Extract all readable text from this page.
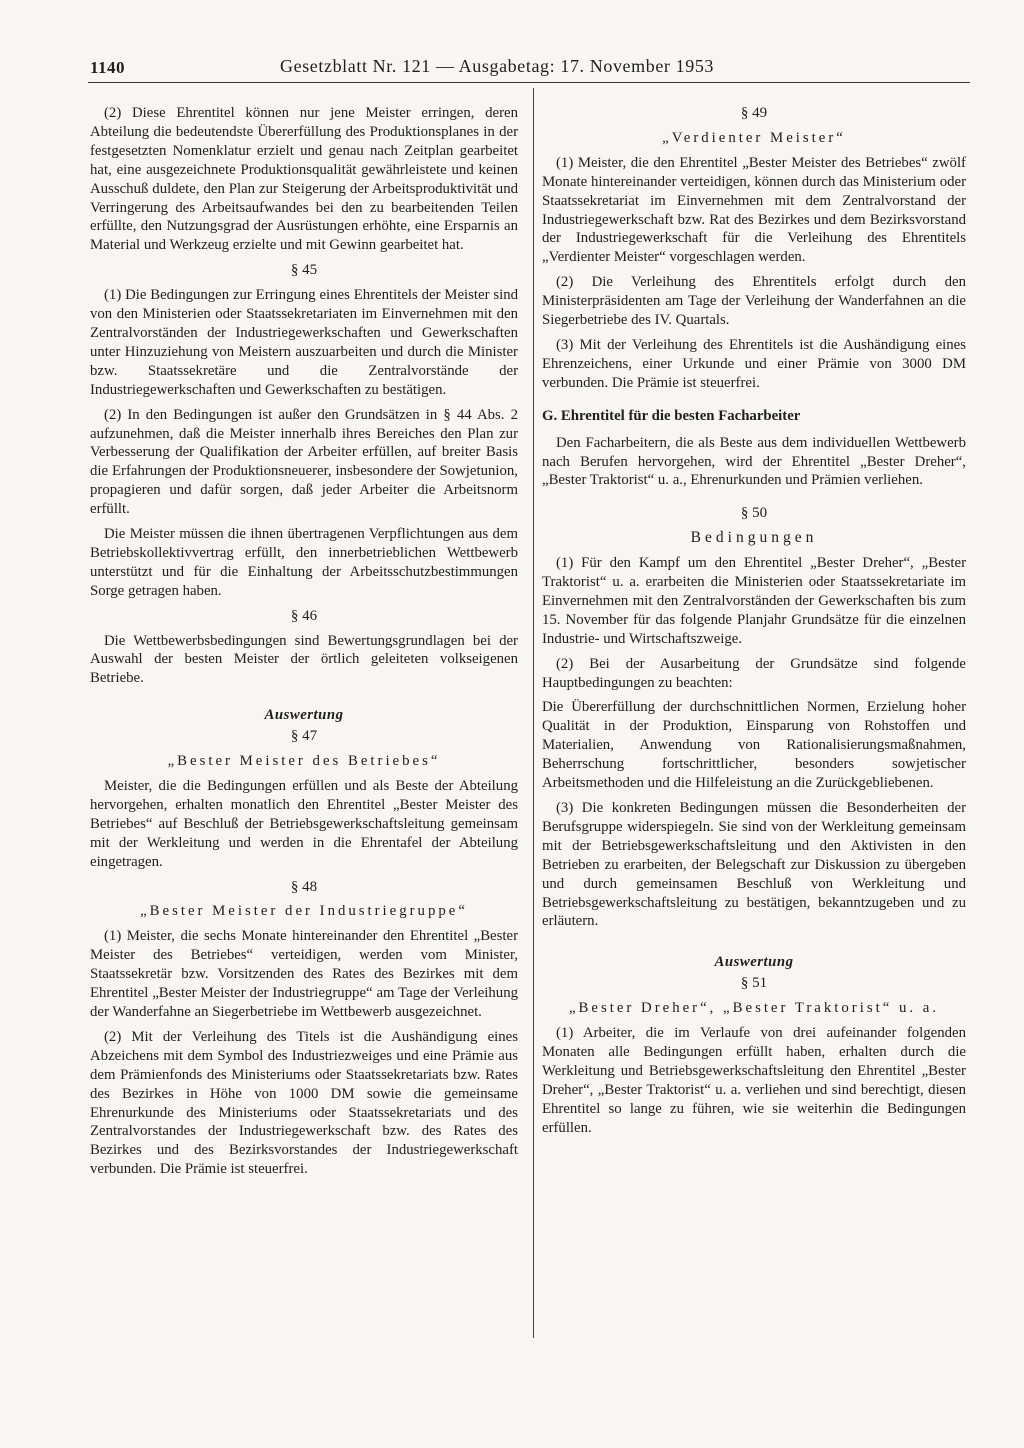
1140	Gesetzblatt Nr. 121 — Ausgabetag: 17. November 1953

(2) Diese Ehrentitel können nur jene Meister erringen, deren Abteilung die bedeutendste Übererfüllung des Produktionsplanes in der festgesetzten Nomenklatur erzielt und genau nach Zeitplan gearbeitet hat, eine ausgezeichnete Produktionsqualität gewährleistete und keinen Ausschuß duldete, den Plan zur Steigerung der Arbeitsproduktivität und Verringerung des Arbeitsaufwandes bei den zu bearbeitenden Teilen erfüllte, den Nutzungsgrad der Ausrüstungen erhöhte, eine Ersparnis an Material und Werkzeug erzielte und mit Gewinn gearbeitet hat.

§ 45

(1) Die Bedingungen zur Erringung eines Ehrentitels der Meister sind von den Ministerien oder Staatssekretariaten im Einvernehmen mit den Zentralvorständen der Industriegewerkschaften und Gewerkschaften unter Hinzuziehung von Meistern auszuarbeiten und durch die Minister bzw. Staatssekretäre und die Zentralvorstände der Industriegewerkschaften und Gewerkschaften zu bestätigen.

(2) In den Bedingungen ist außer den Grundsätzen in § 44 Abs. 2 aufzunehmen, daß die Meister innerhalb ihres Bereiches den Plan zur Verbesserung der Qualifikation der Arbeiter erfüllen, auf breiter Basis die Erfahrungen der Produktionsneuerer, insbesondere der Sowjetunion, propagieren und dafür sorgen, daß jeder Arbeiter die Arbeitsnorm erfüllt.

Die Meister müssen die ihnen übertragenen Verpflichtungen aus dem Betriebskollektivvertrag erfüllt, den innerbetrieblichen Wettbewerb unterstützt und für die Einhaltung der Arbeitsschutzbestimmungen Sorge getragen haben.

§ 46

Die Wettbewerbsbedingungen sind Bewertungsgrundlagen bei der Auswahl der besten Meister der örtlich geleiteten volkseigenen Betriebe.

Auswertung
§ 47
„Bester Meister des Betriebes“

Meister, die die Bedingungen erfüllen und als Beste der Abteilung hervorgehen, erhalten monatlich den Ehrentitel „Bester Meister des Betriebes“ auf Beschluß der Betriebsgewerkschaftsleitung gemeinsam mit der Werkleitung und werden in die Ehrentafel der Abteilung eingetragen.

§ 48
„Bester Meister der Industriegruppe“

(1) Meister, die sechs Monate hintereinander den Ehrentitel „Bester Meister des Betriebes“ verteidigen, werden vom Minister, Staatssekretär bzw. Vorsitzenden des Rates des Bezirkes mit dem Ehrentitel „Bester Meister der Industriegruppe“ am Tage der Verleihung der Wanderfahne an Siegerbetriebe im Wettbewerb ausgezeichnet.

(2) Mit der Verleihung des Titels ist die Aushändigung eines Abzeichens mit dem Symbol des Industriezweiges und eine Prämie aus dem Prämienfonds des Ministeriums oder Staatssekretariats bzw. Rates des Bezirkes in Höhe von 1000 DM sowie die gemeinsame Ehrenurkunde des Ministeriums oder Staatssekretariats und des Zentralvorstandes der Industriegewerkschaft bzw. des Rates des Bezirkes und des Bezirksvorstandes der Industriegewerkschaft verbunden. Die Prämie ist steuerfrei.

§ 49
„Verdienter Meister“

(1) Meister, die den Ehrentitel „Bester Meister des Betriebes“ zwölf Monate hintereinander verteidigen, können durch das Ministerium oder Staatssekretariat im Einvernehmen mit dem Zentralvorstand der Industriegewerkschaft bzw. Rat des Bezirkes und dem Bezirksvorstand der Industriegewerkschaft für die Verleihung des Ehrentitels „Verdienter Meister“ vorgeschlagen werden.

(2) Die Verleihung des Ehrentitels erfolgt durch den Ministerpräsidenten am Tage der Verleihung der Wanderfahnen an die Siegerbetriebe des IV. Quartals.

(3) Mit der Verleihung des Ehrentitels ist die Aushändigung eines Ehrenzeichens, einer Urkunde und einer Prämie von 3000 DM verbunden. Die Prämie ist steuerfrei.

G. Ehrentitel für die besten Facharbeiter

Den Facharbeitern, die als Beste aus dem individuellen Wettbewerb nach Berufen hervorgehen, wird der Ehrentitel „Bester Dreher“, „Bester Traktorist“ u. a., Ehrenurkunden und Prämien verliehen.

§ 50
Bedingungen

(1) Für den Kampf um den Ehrentitel „Bester Dreher“, „Bester Traktorist“ u. a. erarbeiten die Ministerien oder Staatssekretariate im Einvernehmen mit den Zentralvorständen der Gewerkschaften bis zum 15. November für das folgende Planjahr Grundsätze für die einzelnen Industrie- und Wirtschaftszweige.

(2) Bei der Ausarbeitung der Grundsätze sind folgende Hauptbedingungen zu beachten:

Die Übererfüllung der durchschnittlichen Normen, Erzielung hoher Qualität in der Produktion, Einsparung von Rohstoffen und Materialien, Anwendung von Rationalisierungsmaßnahmen, Beherrschung fortschrittlicher, besonders sowjetischer Arbeitsmethoden und die Hilfeleistung an die Zurückgebliebenen.

(3) Die konkreten Bedingungen müssen die Besonderheiten der Berufsgruppe widerspiegeln. Sie sind von der Werkleitung gemeinsam mit der Betriebsgewerkschaftsleitung und den Aktivisten in den Betrieben zu erarbeiten, der Belegschaft zur Diskussion zu übergeben und durch gemeinsamen Beschluß von Werkleitung und Betriebsgewerkschaftsleitung zu bestätigen, bekanntzugeben und zu erläutern.

Auswertung
§ 51
„Bester Dreher“, „Bester Traktorist“ u. a.

(1) Arbeiter, die im Verlaufe von drei aufeinander folgenden Monaten alle Bedingungen erfüllt haben, erhalten durch die Werkleitung und Betriebsgewerkschaftsleitung den Ehrentitel „Bester Dreher“, „Bester Traktorist“ u. a. verliehen und sind berechtigt, diesen Ehrentitel so lange zu führen, wie sie weiterhin die Bedingungen erfüllen.
